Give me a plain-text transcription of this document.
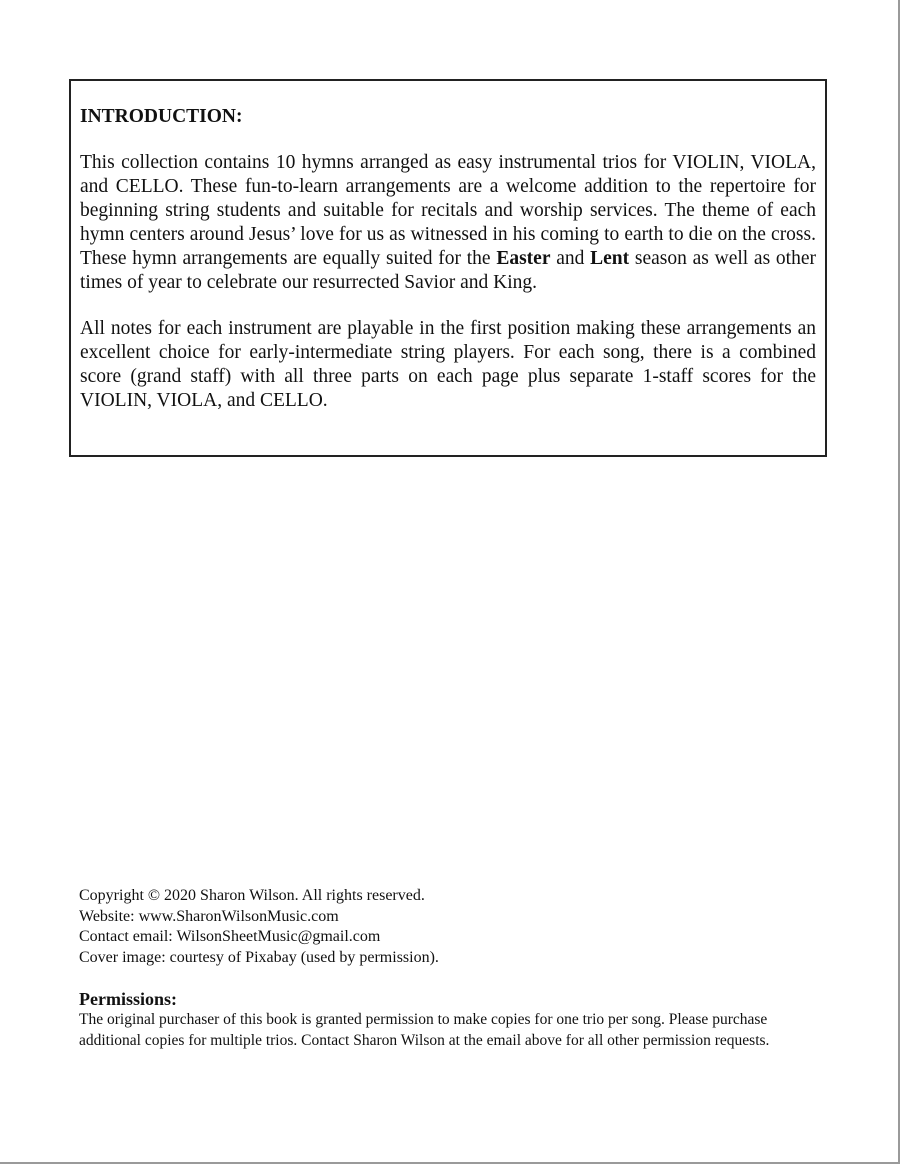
INTRODUCTION:

This collection contains 10 hymns arranged as easy instrumental trios for VIOLIN, VIOLA, and CELLO. These fun-to-learn arrangements are a welcome addition to the repertoire for beginning string students and suitable for recitals and worship services. The theme of each hymn centers around Jesus’ love for us as witnessed in his coming to earth to die on the cross. These hymn arrangements are equally suited for the Easter and Lent season as well as other times of year to celebrate our resurrected Savior and King.

All notes for each instrument are playable in the first position making these arrangements an excellent choice for early-intermediate string players. For each song, there is a combined score (grand staff) with all three parts on each page plus separate 1-staff scores for the VIOLIN, VIOLA, and CELLO.

Copyright © 2020 Sharon Wilson. All rights reserved.

Website: www.SharonWilsonMusic.com

Contact email: WilsonSheetMusic@gmail.com

Cover image: courtesy of Pixabay (used by permission).

Permissions:

The original purchaser of this book is granted permission to make copies for one trio per song. Please purchase additional copies for multiple trios. Contact Sharon Wilson at the email above for all other permission requests.
